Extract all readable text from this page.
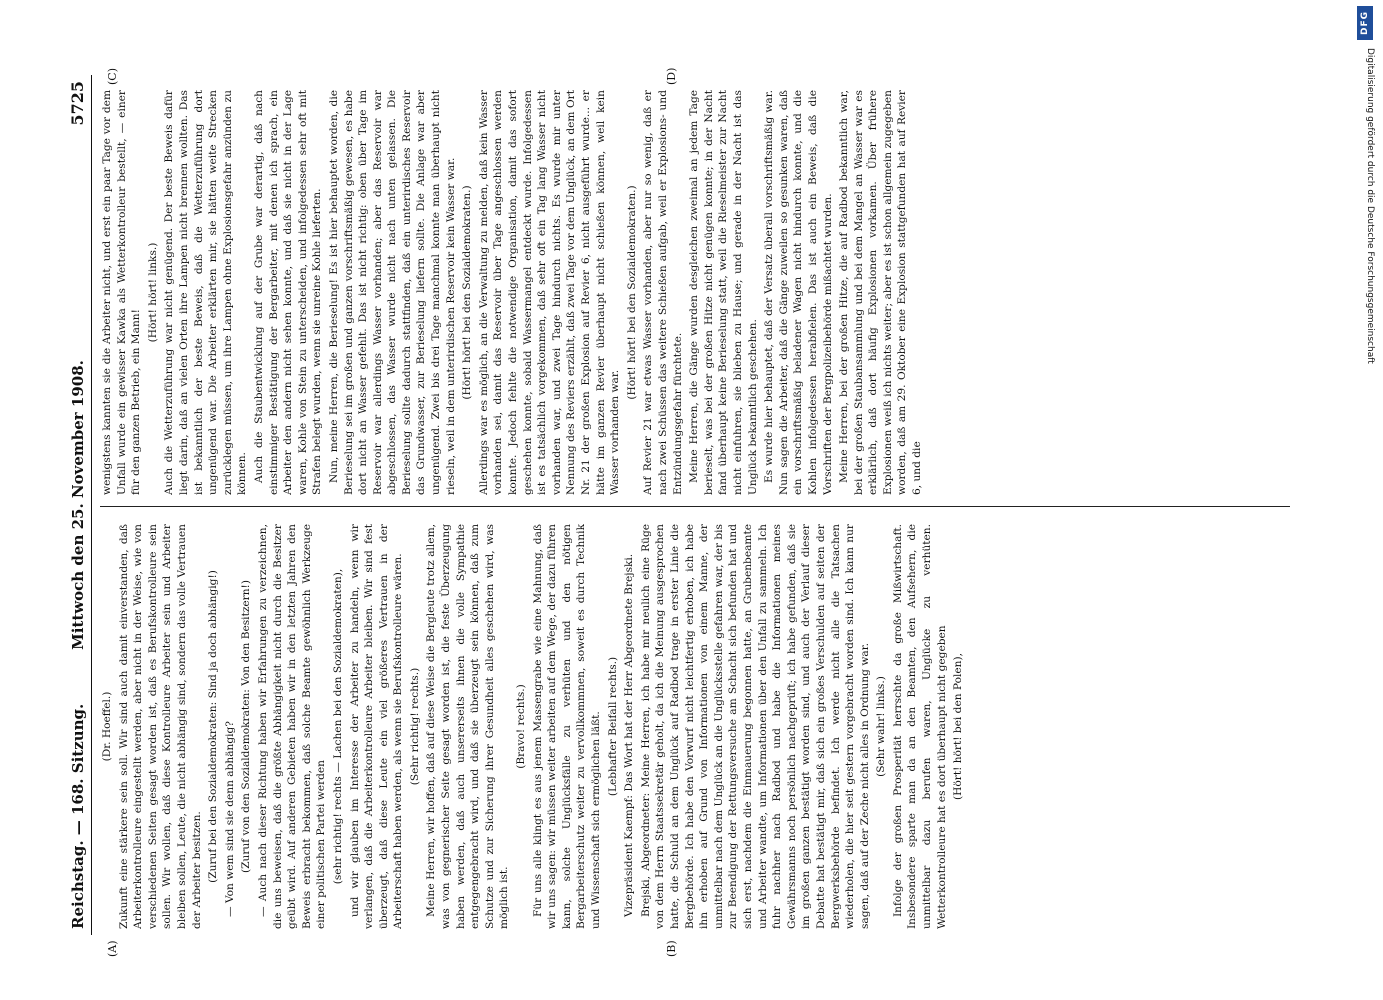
DFG
Digitalisierung gefördert durch die Deutsche Forschungsgemeinschaft
Reichstag. — 168. Sitzung.
Mittwoch den 25. November 1908.
5725
(A)	(B)
(C)	(D)

(Dr. Hoeffel.) Zukunft eine stärkere sein soll. Wir sind auch damit einverstanden, daß Arbeiterkontrolleure eingestellt werden, aber nicht in der Weise, wie von verschiedenen Seiten gesagt worden ist, daß es Berufskontrolleure sein sollen. Wir wollen, daß diese Kontrolleure Arbeiter sein und Arbeiter bleiben sollen, Leute, die nicht abhängig sind, sondern das volle Vertrauen der Arbeiter besitzen. (Zuruf bei den Sozialdemokraten: Sind ja doch abhängig!) — Von wem sind sie denn abhängig? (Zuruf von den Sozialdemokraten: Von den Besitzern!) — Auch nach dieser Richtung haben wir Erfahrungen zu verzeichnen, die uns beweisen, daß die größte Abhängigkeit nicht durch die Besitzer geübt wird. Auf anderen Gebieten haben wir in den letzten Jahren den Beweis erbracht bekommen, daß solche Beamte gewöhnlich Werkzeuge einer politischen Partei werden (sehr richtig! rechts — Lachen bei den Sozialdemokraten), und wir glauben im Interesse der Arbeiter zu handeln, wenn wir verlangen, daß die Arbeiterkontrolleure Arbeiter bleiben. Wir sind fest überzeugt, daß diese Leute ein viel größeres Vertrauen in der Arbeiterschaft haben werden, als wenn sie Berufskontrolleure wären. (Sehr richtig! rechts.) Meine Herren, wir hoffen, daß auf diese Weise die Bergleute trotz allem, was von gegnerischer Seite gesagt worden ist, die feste Überzeugung haben werden, daß auch unsererseits ihnen die volle Sympathie entgegengebracht wird, und daß sie überzeugt sein können, daß zum Schutze und zur Sicherung ihrer Gesundheit alles geschehen wird, was möglich ist.

(Bravo! rechts.) Für uns alle klingt es aus jenem Massengrabe wie eine Mahnung, daß wir uns sagen: wir müssen weiter arbeiten auf dem Wege, der dazu führen kann, solche Unglücksfälle zu verhüten und den nötigen Bergarbeiterschutz weiter zu vervollkommnen, soweit es durch Technik und Wissenschaft sich ermöglichen läßt. (Lebhafter Beifall rechts.) Vizepräsident Kaempf: Das Wort hat der Herr Abgeordnete Brejski. Brejski, Abgeordneter: Meine Herren, ich habe mir neulich eine Rüge von dem Herrn Staatssekretär geholt, da ich die Meinung ausgesprochen hatte, die Schuld an dem Unglück auf Radbod trage in erster Linie die Bergbehörde. Ich habe den Vorwurf nicht leichtfertig erhoben, ich habe ihn erhoben auf Grund von Informationen von einem Manne, der unmittelbar nach dem Unglück an die Unglücksstelle gefahren war, der bis zur Beendigung der Rettungsversuche am Schacht sich befunden hat und sich erst, nachdem die Einmauerung begonnen hatte, an Grubenbeamte und Arbeiter wandte, um Informationen über den Unfall zu sammeln. Ich fuhr nachher nach Radbod und habe die Informationen meines Gewährsmanns noch persönlich nachgeprüft; ich habe gefunden, daß sie im großen ganzen bestätigt worden sind, und auch der Verlauf dieser Debatte hat bestätigt mir, daß sich ein großes Verschulden auf seiten der Bergwerksbehörde befindet. Ich werde nicht alle die Tatsachen wiederholen, die hier seit gestern vorgebracht worden sind. Ich kann nur sagen, daß auf der Zeche nicht alles in Ordnung war. (Sehr wahr! links.) Infolge der großen Prosperität herrschte da große Mißwirtschaft. Insbesondere sparte man da an den Beamten, den Aufsehern, die unmittelbar dazu berufen waren, Unglücke zu verhüten. Wetterkontrolleure hat es dort überhaupt nicht gegeben (Hört! hört! bei den Polen),

wenigstens kannten sie die Arbeiter nicht, und erst ein paar Tage vor dem Unfall wurde ein gewisser Kawka als Wetterkontrolleur bestellt, — einer für den ganzen Betrieb, ein Mann!

(Hört! hört! links.) Auch die Wetterzuführung war nicht genügend. Der beste Beweis dafür liegt darin, daß an vielen Orten ihre Lampen nicht brennen wollten. Das ist bekanntlich der beste Beweis, daß die Wetterzuführung dort ungenügend war. Die Arbeiter erklärten mir, sie hätten weite Strecken zurücklegen müssen, um ihre Lampen ohne Explosionsgefahr anzünden zu können. Auch die Staubentwicklung auf der Grube war derartig, daß nach einstimmiger Bestätigung der Bergarbeiter, mit denen ich sprach, ein Arbeiter den andern nicht sehen konnte, und daß sie nicht in der Lage waren, Kohle von Stein zu unterscheiden, und infolgedessen sehr oft mit Strafen belegt wurden, wenn sie unreine Kohle lieferten. Nun, meine Herren, die Berieselung! Es ist hier behauptet worden, die Berieselung sei im großen und ganzen vorschriftsmäßig gewesen, es habe dort nicht an Wasser gefehlt. Das ist nicht richtig: oben über Tage im Reservoir war allerdings Wasser vorhanden; aber das Reservoir war abgeschlossen, das Wasser wurde nicht nach unten gelassen. Die Berieselung sollte dadurch stattfinden, daß ein unterirdisches Reservoir das Grundwasser, zur Berieselung liefern sollte. Die Anlage war aber ungenügend. Zwei bis drei Tage manchmal konnte man überhaupt nicht rieseln, weil in dem unterirdischen Reservoir kein Wasser war. (Hört! hört! bei den Sozialdemokraten.) Allerdings war es möglich, an die Verwaltung zu melden, daß kein Wasser vorhanden sei, damit das Reservoir über Tage angeschlossen werden konnte. Jedoch fehlte die notwendige Organisation, damit das sofort geschehen konnte, sobald Wassermangel entdeckt wurde. Infolgedessen ist es tatsächlich vorgekommen, daß sehr oft ein Tag lang Wasser nicht vorhanden war, und zwei Tage hindurch nichts. Es wurde mir unter Nennung des Reviers erzählt, daß zwei Tage vor dem Unglück, an dem Ort Nr. 21 der großen Explosion auf Revier 6, nicht ausgeführt wurde... er hätte im ganzen Revier überhaupt nicht schießen können, weil kein Wasser vorhanden war.

(Hört! hört! bei den Sozialdemokraten.) Auf Revier 21 war etwas Wasser vorhanden, aber nur so wenig, daß er nach zwei Schüssen das weitere Schießen aufgab, weil er Explosions- und Entzündungsgefahr fürchtete. Meine Herren, die Gänge wurden desgleichen zweimal an jedem Tage berieselt, was bei der großen Hitze nicht genügen konnte; in der Nacht fand überhaupt keine Berieselung statt, weil die Rieselmeister zur Nacht nicht einfuhren, sie blieben zu Hause; und gerade in der Nacht ist das Unglück bekanntlich geschehen. Es wurde hier behauptet, daß der Versatz überall vorschriftsmäßig war. Nun sagen die Arbeiter, daß die Gänge zuweilen so gesunken waren, daß ein vorschriftsmäßig beladener Wagen nicht hindurch konnte, und die Kohlen infolgedessen herabfielen. Das ist auch ein Beweis, daß die Vorschriften der Bergpolizeibehörde mißachtet wurden. Meine Herren, bei der großen Hitze, die auf Radbod bekanntlich war, bei der großen Staubansammlung und bei dem Mangel an Wasser war es erklärlich, daß dort häufig Explosionen vorkamen. Über frühere Explosionen weiß ich nichts weiter; aber es ist schon allgemein zugegeben worden, daß am 29. Oktober eine Explosion stattgefunden hat auf Revier 6, und die
